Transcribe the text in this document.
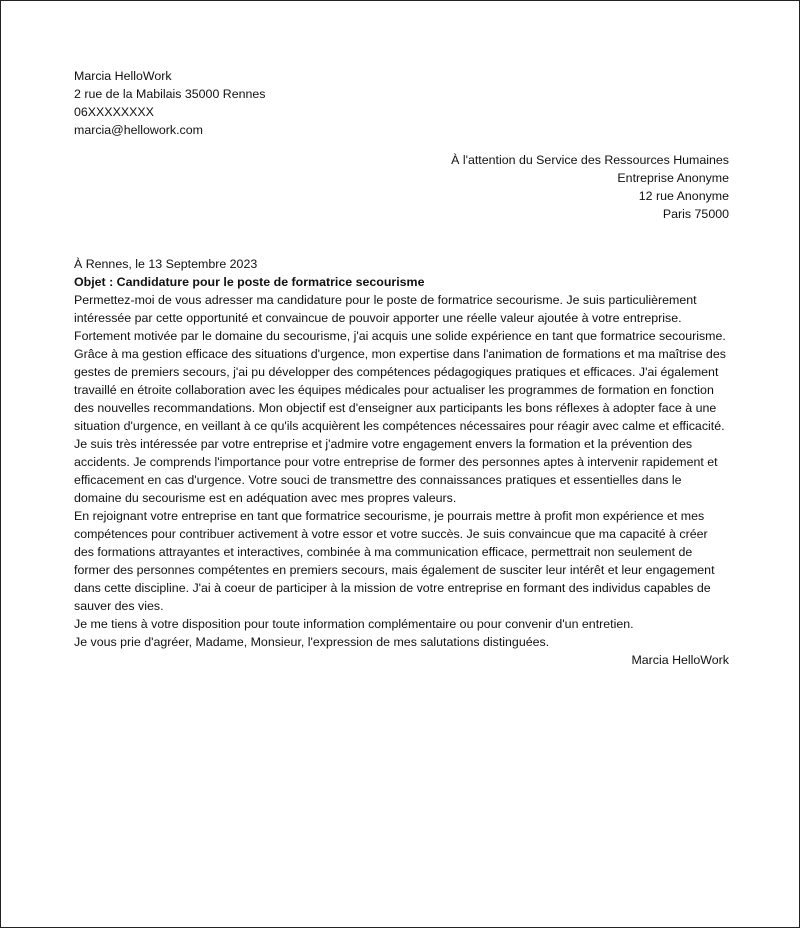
Marcia HelloWork

2 rue de la Mabilais 35000 Rennes

06XXXXXXXX

marcia@hellowork.com

À l'attention du Service des Ressources Humaines

Entreprise Anonyme

12 rue Anonyme

Paris 75000

À Rennes, le 13 Septembre 2023

Objet : Candidature pour le poste de formatrice secourisme

Permettez-moi de vous adresser ma candidature pour le poste de formatrice secourisme. Je suis particulièrement intéressée par cette opportunité et convaincue de pouvoir apporter une réelle valeur ajoutée à votre entreprise.

Fortement motivée par le domaine du secourisme, j'ai acquis une solide expérience en tant que formatrice secourisme. Grâce à ma gestion efficace des situations d'urgence, mon expertise dans l'animation de formations et ma maîtrise des gestes de premiers secours, j'ai pu développer des compétences pédagogiques pratiques et efficaces. J'ai également travaillé en étroite collaboration avec les équipes médicales pour actualiser les programmes de formation en fonction des nouvelles recommandations. Mon objectif est d'enseigner aux participants les bons réflexes à adopter face à une situation d'urgence, en veillant à ce qu'ils acquièrent les compétences nécessaires pour réagir avec calme et efficacité.

Je suis très intéressée par votre entreprise et j'admire votre engagement envers la formation et la prévention des accidents. Je comprends l'importance pour votre entreprise de former des personnes aptes à intervenir rapidement et efficacement en cas d'urgence. Votre souci de transmettre des connaissances pratiques et essentielles dans le domaine du secourisme est en adéquation avec mes propres valeurs.

En rejoignant votre entreprise en tant que formatrice secourisme, je pourrais mettre à profit mon expérience et mes compétences pour contribuer activement à votre essor et votre succès. Je suis convaincue que ma capacité à créer des formations attrayantes et interactives, combinée à ma communication efficace, permettrait non seulement de former des personnes compétentes en premiers secours, mais également de susciter leur intérêt et leur engagement dans cette discipline. J'ai à coeur de participer à la mission de votre entreprise en formant des individus capables de sauver des vies.

Je me tiens à votre disposition pour toute information complémentaire ou pour convenir d'un entretien.

Je vous prie d'agréer, Madame, Monsieur, l'expression de mes salutations distinguées.

Marcia HelloWork
